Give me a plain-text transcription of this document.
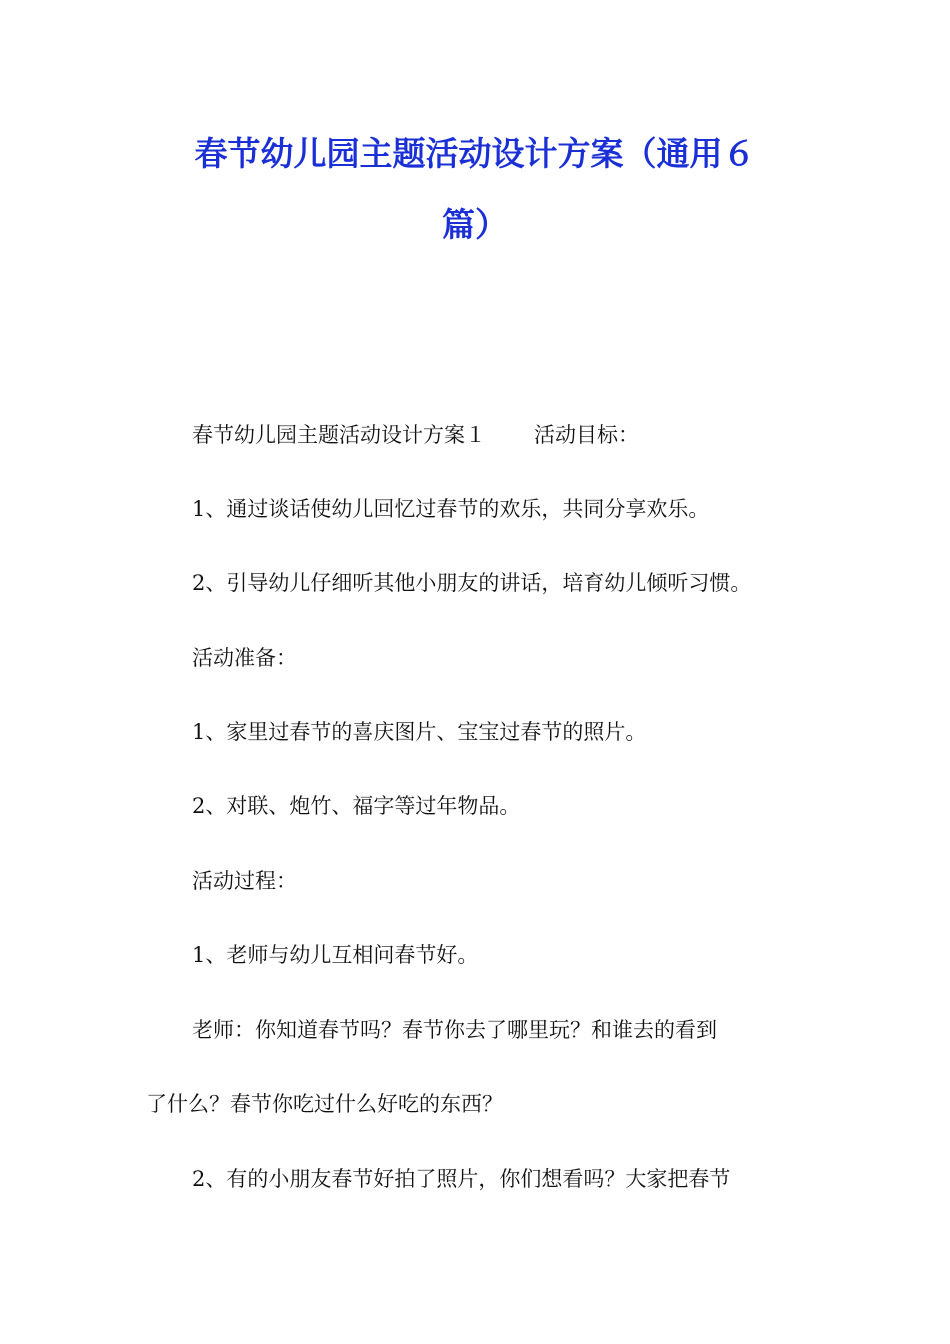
春节幼儿园主题活动设计方案（通用６
篇）

春节幼儿园主题活动设计方案１ 活动目标：

1、通过谈话使幼儿回忆过春节的欢乐，共同分享欢乐。

2、引导幼儿仔细听其他小朋友的讲话，培育幼儿倾听习惯。

活动准备：

1、家里过春节的喜庆图片、宝宝过春节的照片。

2、对联、炮竹、福字等过年物品。

活动过程：

1、老师与幼儿互相问春节好。

老师：你知道春节吗？春节你去了哪里玩？和谁去的看到

了什么？春节你吃过什么好吃的东西？

2、有的小朋友春节好拍了照片，你们想看吗？大家把春节
